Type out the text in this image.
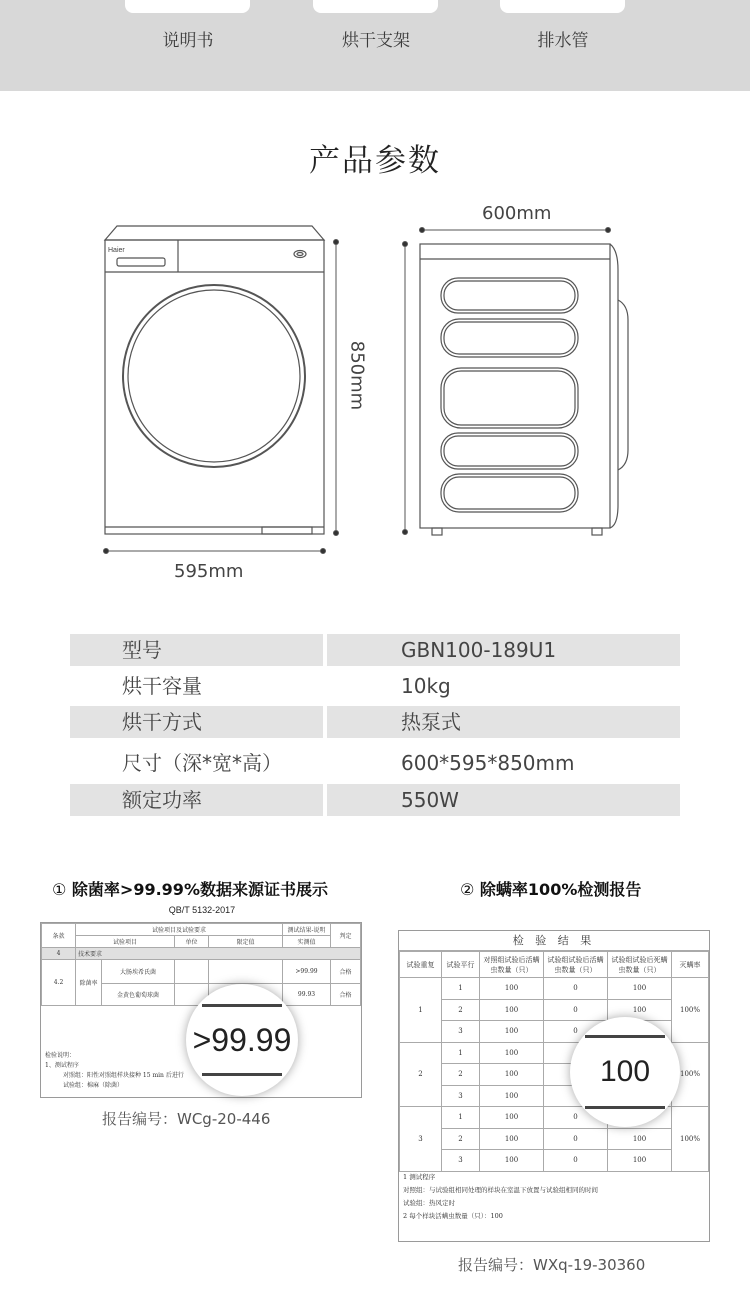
说明书	烘干支架	排水管
产品参数
Haier
595mm
600mm
850mm
型号	GBN100-189U1
烘干容量	10kg
烘干方式	热泵式
尺寸（深*宽*高）	600*595*850mm
额定功率	550W
① 除菌率>99.99%数据来源证书展示	② 除螨率100%检测报告
QB/T 5132-2017
条款	试验项目及试验要求				测试结果-说明	判定
	试验项目		单位	限定值	实测值	
4	技术要求					
4.2	除菌率	大肠埃希氏菌			>99.99	合格
		金黄色葡萄球菌			99.93	合格
检验说明：
1、测试程序
对照组：阳性对照组样块接种 15 min 后进行
试验组：棉麻（除菌）
>99.99
报告编号：WCg-20-446
检 验 结 果
试验重复	试验平行	对照组试验后活螨虫数量（只）	试验组试验后活螨虫数量（只）	试验组试验后死螨虫数量（只）	灭螨率
1	1	100	0	100	100%
	2	100	0	100	
	3	100	0		
2	1	100			100%
	2	100			
	3	100			
3	1	100	0		100%
	2	100	0	100	
	3	100	0	100	
1 测试程序
对照组：与试验组相同处理的样块在室温下放置与试验组相同的时间
试验组：热风定时
2 每个样块活螨虫数量（只）：100
100
报告编号：WXq-19-30360
